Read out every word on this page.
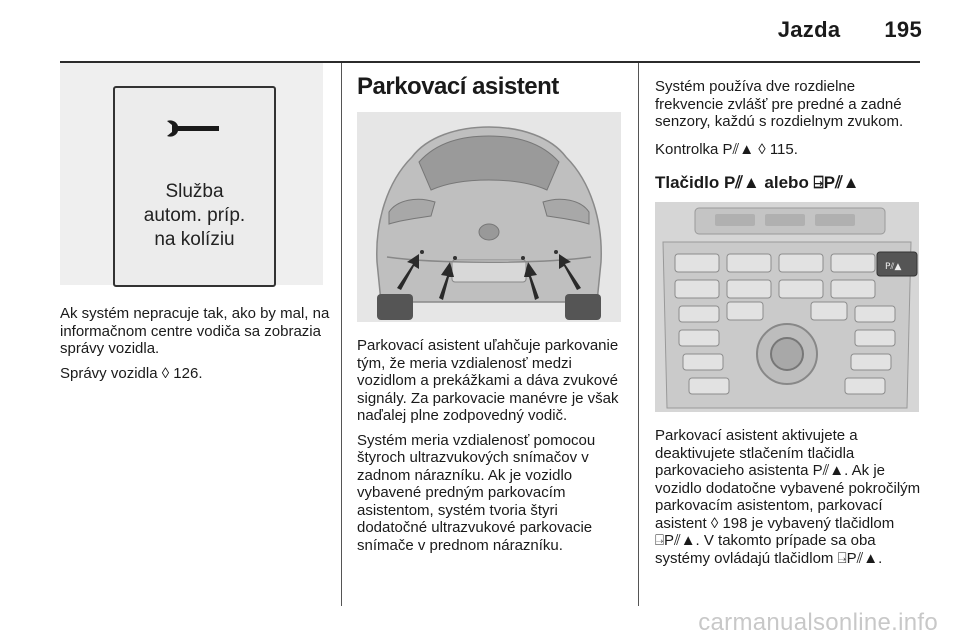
Jazda 195
Služba
autom. príp.
na kolíziu

Ak systém nepracuje tak, ako by mal, na informačnom centre vodiča sa zobrazia správy vozidla.

Správy vozidla ◊ 126.

Parkovací asistent

Parkovací asistent uľahčuje parkovanie tým, že meria vzdialenosť medzi vozidlom a prekážkami a dáva zvukové signály. Za parkovacie manévre je však naďalej plne zodpovedný vodič.

Systém meria vzdialenosť pomocou štyroch ultrazvukových snímačov v zadnom nárazníku. Ak je vozidlo vybavené predným parkovacím asistentom, systém tvoria štyri dodatočné ultrazvukové parkovacie snímače v prednom nárazníku.

Systém používa dve rozdielne frekvencie zvlášť pre predné a zadné senzory, každú s rozdielnym zvukom.

Kontrolka P⫽▲ ◊ 115.

Tlačidlo P⫽▲ alebo ⍈P⫽▲
P⫽▲

Parkovací asistent aktivujete a deaktivujete stlačením tlačidla parkovacieho asistenta P⫽▲. Ak je vozidlo dodatočne vybavené pokročilým parkovacím asistentom, parkovací asistent ◊ 198 je vybavený tlačidlom ⍈P⫽▲. V takomto prípade sa oba systémy ovládajú tlačidlom ⍈P⫽▲.

carmanualsonline.info
